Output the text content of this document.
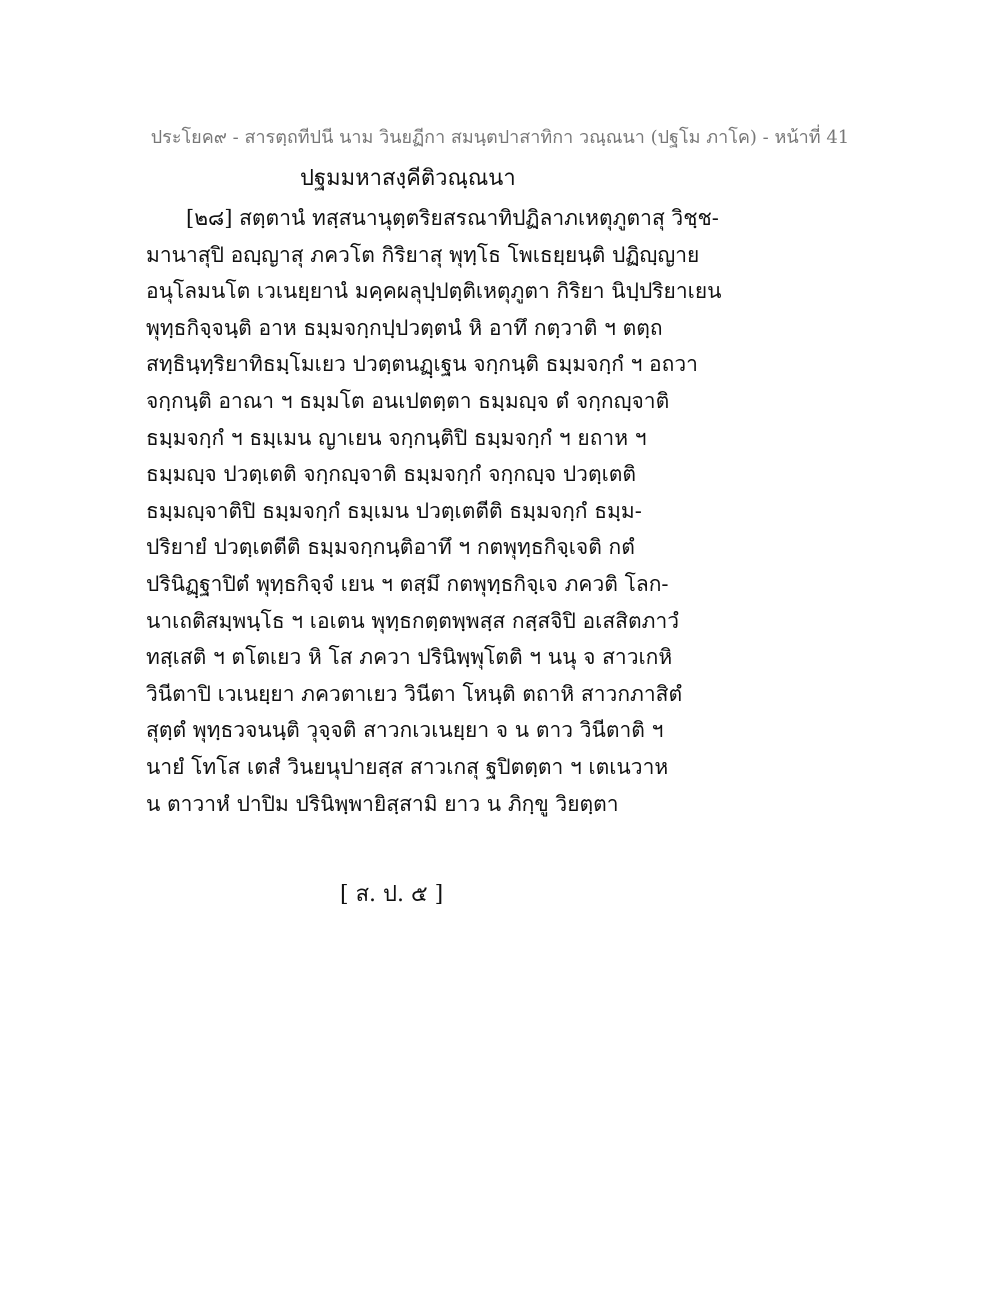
ประโยค๙ - สารตฺถทีปนี นาม วินยฏีกา สมนฺตปาสาทิกา วณฺณนา (ปฐโม ภาโค) - หน้าที่ 41
ปฐมมหาสงฺคีติวณฺณนา
[๒๘] สตฺตานํ ทสฺสนานุตฺตริยสรณาทิปฏิลาภเหตุภูตาสุ วิชฺช-
มานาสุปิ อญฺญาสุ ภควโต กิริยาสุ พุทฺโธ โพเธยฺยนฺติ ปฏิญฺญาย
อนุโลมนโต เวเนยฺยานํ มคฺคผลุปฺปตฺติเหตุภูตา กิริยา นิปฺปริยาเยน
พุทฺธกิจฺจนฺติ อาห ธมฺมจกฺกปฺปวตฺตนํ หิ อาทึ กตฺวาติ ฯ ตตฺถ
สทฺธินฺทฺริยาทิธมฺโมเยว ปวตฺตนฏฺเฐน จกฺกนฺติ ธมฺมจกฺกํ ฯ อถวา
จกฺกนฺติ อาณา ฯ ธมฺมโต อนเปตตฺตา ธมฺมญฺจ ตํ จกฺกญฺจาติ
ธมฺมจกฺกํ ฯ ธมฺเมน ญาเยน จกฺกนฺติปิ ธมฺมจกฺกํ ฯ ยถาห ฯ
ธมฺมญฺจ ปวตฺเตติ จกฺกญฺจาติ ธมฺมจกฺกํ จกฺกญฺจ ปวตฺเตติ
ธมฺมญฺจาติปิ ธมฺมจกฺกํ ธมฺเมน ปวตฺเตตีติ ธมฺมจกฺกํ ธมฺม-
ปริยายํ ปวตฺเตตีติ ธมฺมจกฺกนฺติอาทึ ฯ กตพุทฺธกิจฺเจติ กตํ
ปรินิฏฺฐาปิตํ พุทฺธกิจฺจํ เยน ฯ ตสฺมึ กตพุทฺธกิจฺเจ ภควติ โลก-
นาเถติสมฺพนฺโธ ฯ เอเตน พุทฺธกตฺตพฺพสฺส กสฺสจิปิ อเสสิตภาวํ
ทสฺเสติ ฯ ตโตเยว หิ โส ภควา ปรินิพฺพุโตติ ฯ นนุ จ สาวเกหิ
วินีตาปิ เวเนยฺยา ภควตาเยว วินีตา โหนฺติ ตถาหิ สาวกภาสิตํ
สุตฺตํ พุทฺธวจนนฺติ วุจฺจติ สาวกเวเนยฺยา จ น ตาว วินีตาติ ฯ
นายํ โทโส เตสํ วินยนุปายสฺส สาวเกสุ ฐปิตตฺตา ฯ เตเนวาห
น ตาวาหํ ปาปิม ปรินิพฺพายิสฺสามิ ยาว น ภิกฺขู วิยตฺตา
[ ส. ป. ๕ ]
